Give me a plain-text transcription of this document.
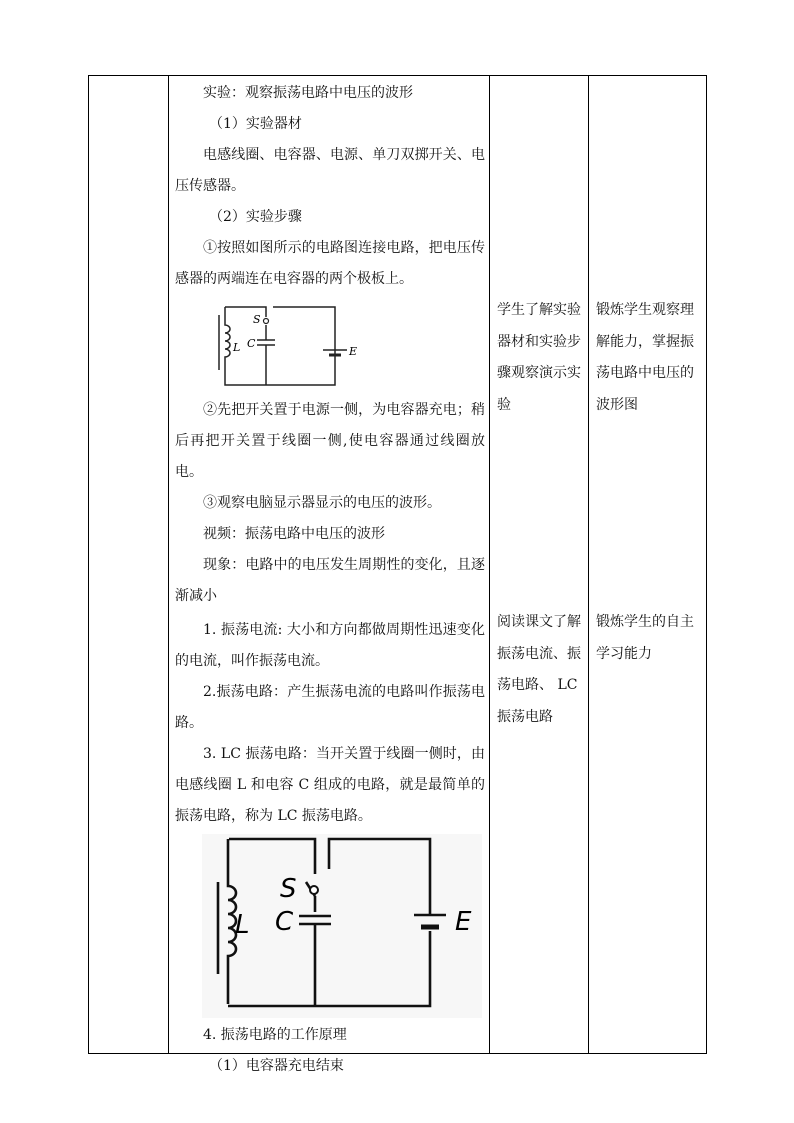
实验：观察振荡电路中电压的波形

（1）实验器材

电感线圈、电容器、电源、单刀双掷开关、电压传感器。

（2）实验步骤

①按照如图所示的电路图连接电路，把电压传感器的两端连在电容器的两个极板上。

L
S
C
E

②先把开关置于电源一侧，为电容器充电；稍后再把开关置于线圈一侧,使电容器通过线圈放电。

③观察电脑显示器显示的电压的波形。

视频：振荡电路中电压的波形

现象：电路中的电压发生周期性的变化，且逐渐减小

1. 振荡电流: 大小和方向都做周期性迅速变化的电流，叫作振荡电流。

2.振荡电路：产生振荡电流的电路叫作振荡电路。

3. LC 振荡电路：当开关置于线圈一侧时，由电感线圈 L 和电容 C 组成的电路，就是最简单的振荡电路，称为 LC 振荡电路。

L
S
C	E

4. 振荡电路的工作原理

（1）电容器充电结束

学生了解实验器材和实验步骤观察演示实验

阅读课文了解振荡电流、振荡电路、 LC 振荡电路

锻炼学生观察理解能力，掌握振荡电路中电压的波形图

锻炼学生的自主学习能力
